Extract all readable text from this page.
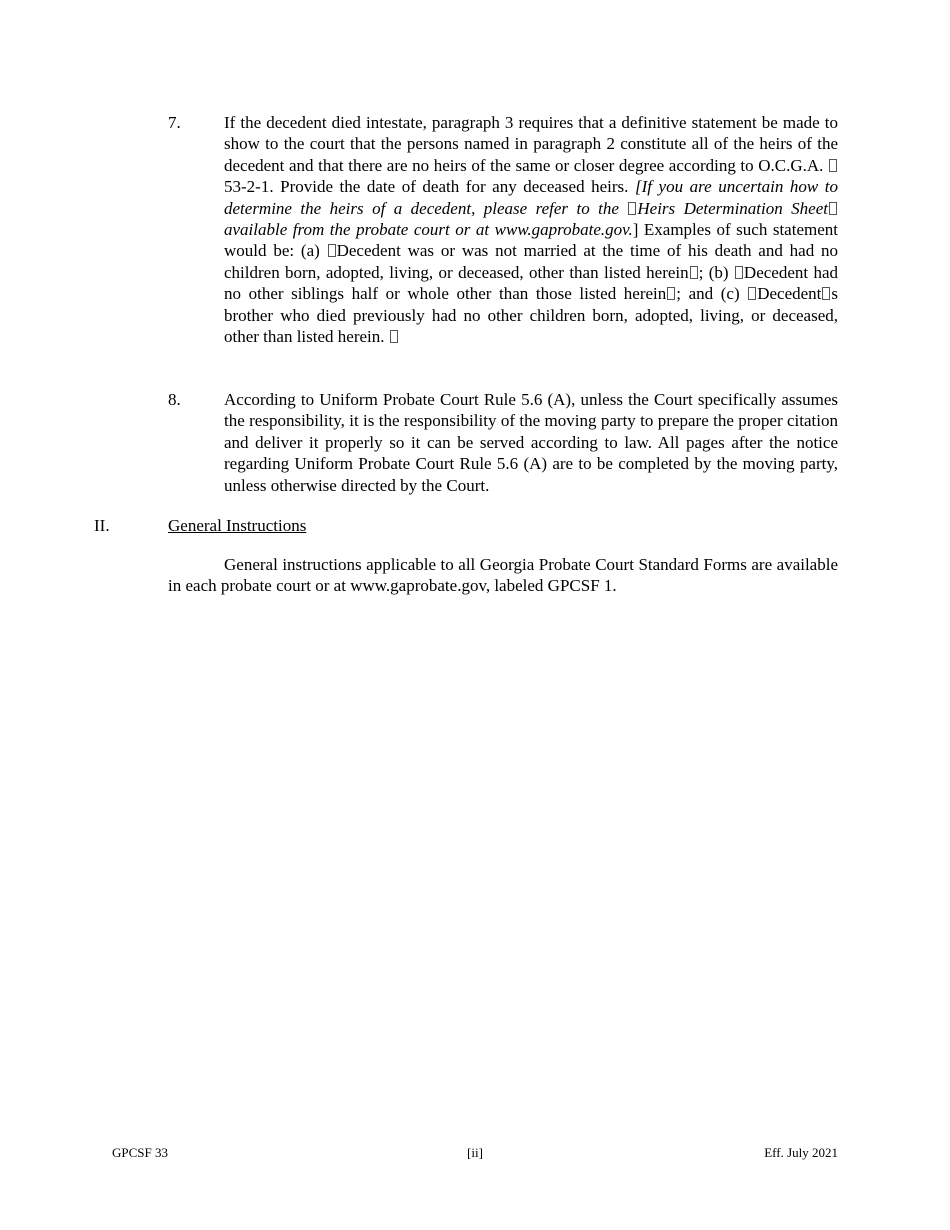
7.	If the decedent died intestate, paragraph 3 requires that a definitive statement be made to show to the court that the persons named in paragraph 2 constitute all of the heirs of the decedent and that there are no heirs of the same or closer degree according to O.C.G.A. 53-2-1. Provide the date of death for any deceased heirs. [If you are uncertain how to determine the heirs of a decedent, please refer to the Heirs Determination Sheet available from the probate court or at www.gaprobate.gov.] Examples of such statement would be: (a) Decedent was or was not married at the time of his death and had no children born, adopted, living, or deceased, other than listed herein ; (b) Decedent had no other siblings half or whole other than those listed herein ; and (c) Decedent s brother who died previously had no other children born, adopted, living, or deceased, other than listed herein.
8.	According to Uniform Probate Court Rule 5.6 (A), unless the Court specifically assumes the responsibility, it is the responsibility of the moving party to prepare the proper citation and deliver it properly so it can be served according to law. All pages after the notice regarding Uniform Probate Court Rule 5.6 (A) are to be completed by the moving party, unless otherwise directed by the Court.
II.	General Instructions
General instructions applicable to all Georgia Probate Court Standard Forms are available in each probate court or at www.gaprobate.gov, labeled GPCSF 1.
GPCSF 33	[ii]	Eff. July 2021
